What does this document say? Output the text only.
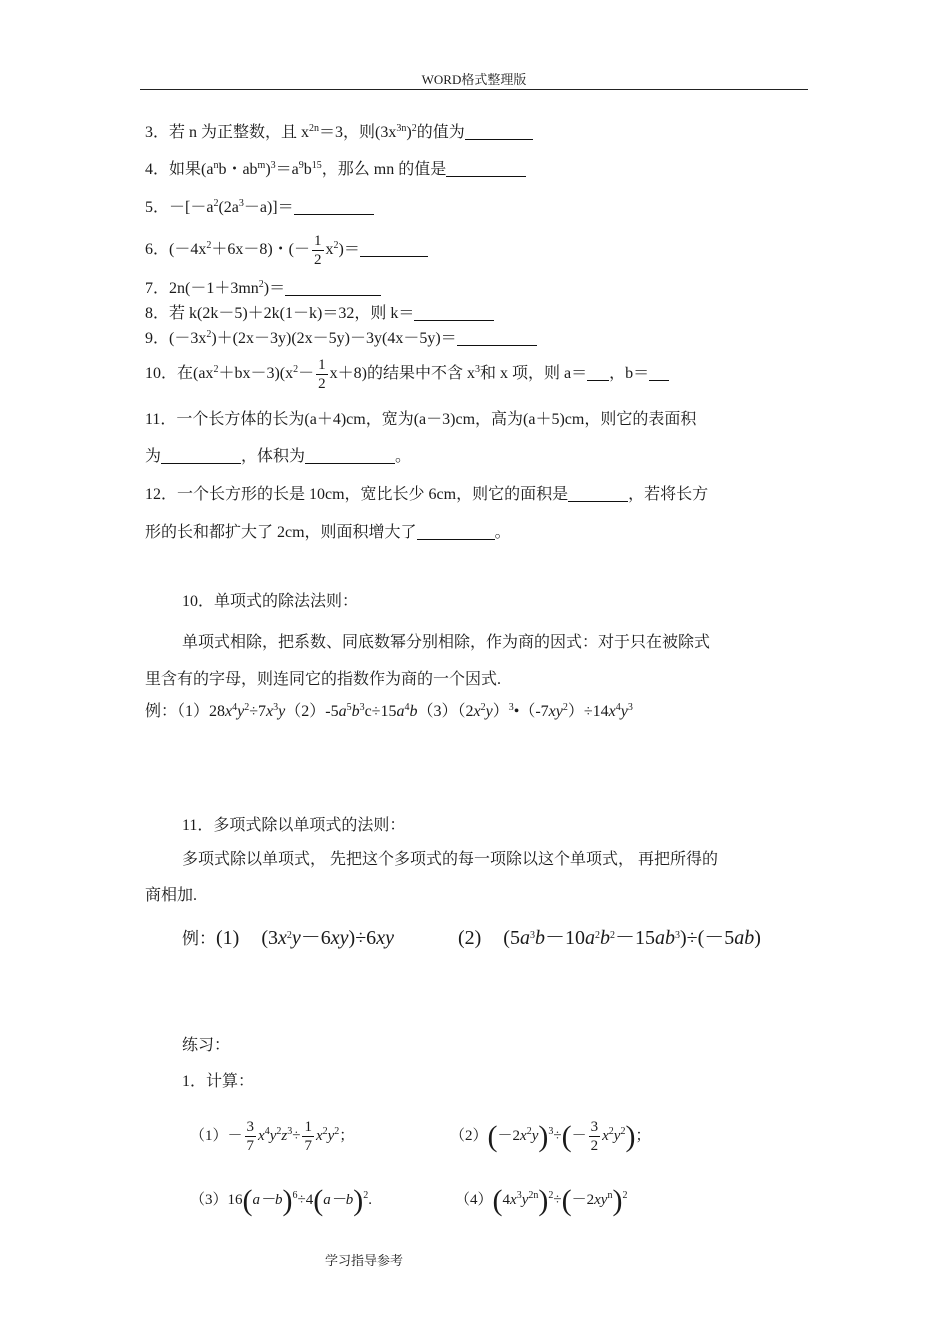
WORD格式整理版
3．若 n 为正整数，且 $x^{2n}=3$，则$(3x^{3n})^2$的值为
4．如果($a^nb$・$ab^m)^3=a^9b^{15}$，那么 mn 的值是
5．$-[-a^2(2a^3-a)]=$
6．$(-4x^2+6x-8)$・(－ $\frac{1}{2} x^2)=$
7．$2n(-1+3mn^2)=$
8．若 k(2k－5)＋2k(1－k)＝32，则 k＝
9．$(-3x^2)+(2x-3y)(2x-5y)-3y(4x-5y)=$
10．在$(ax^2+bx-3)(x^2- \frac{1}{2} x+8)$的结果中不含 $x^3$和 x 项，则 a＝ ，b＝
11．一个长方体的长为(a＋4)cm，宽为(a－3)cm，高为(a＋5)cm，则它的表面积
为	，体积为	。
12．一个长方形的长是 10cm，宽比长少 6cm，则它的面积是	，若将长方
形的长和都扩大了 2cm，则面积增大了	。
10．单项式的除法法则：
单项式相除，把系数、同底数幂分别相除，作为商的因式：对于只在被除式
里含有的字母，则连同它的指数作为商的一个因式.
例：$(1)28x^4y^2\div 7x^3y(2)-5a^5b^3c\div 15a^4b(3)(2x^2y)^3•(-7xy^2)\div 14x^4y^3$
11．多项式除以单项式的法则：
多项式除以单项式， 先把这个多项式的每一项除以这个单项式， 再把所得的
商相加.
例：(1) $(3x^2y-6xy)\div 6xy$	(2) $(5a^3b-10a^2b^2-15ab^3)\div(-5ab)$
练习：
1．计算：
$(1)- \frac{3}{7} x^4y^2z^3\div \frac{1}{7} x^2y^2$；	$(2)(-2x^2y)^3\div(- \frac{3}{2} x^2y^2)$；
$(3)16(a-b)^6\div 4(a-b)^2$.	$(4)(4x^3y^{2n})^2\div(-2xy^n)^2$
学习指导参考
